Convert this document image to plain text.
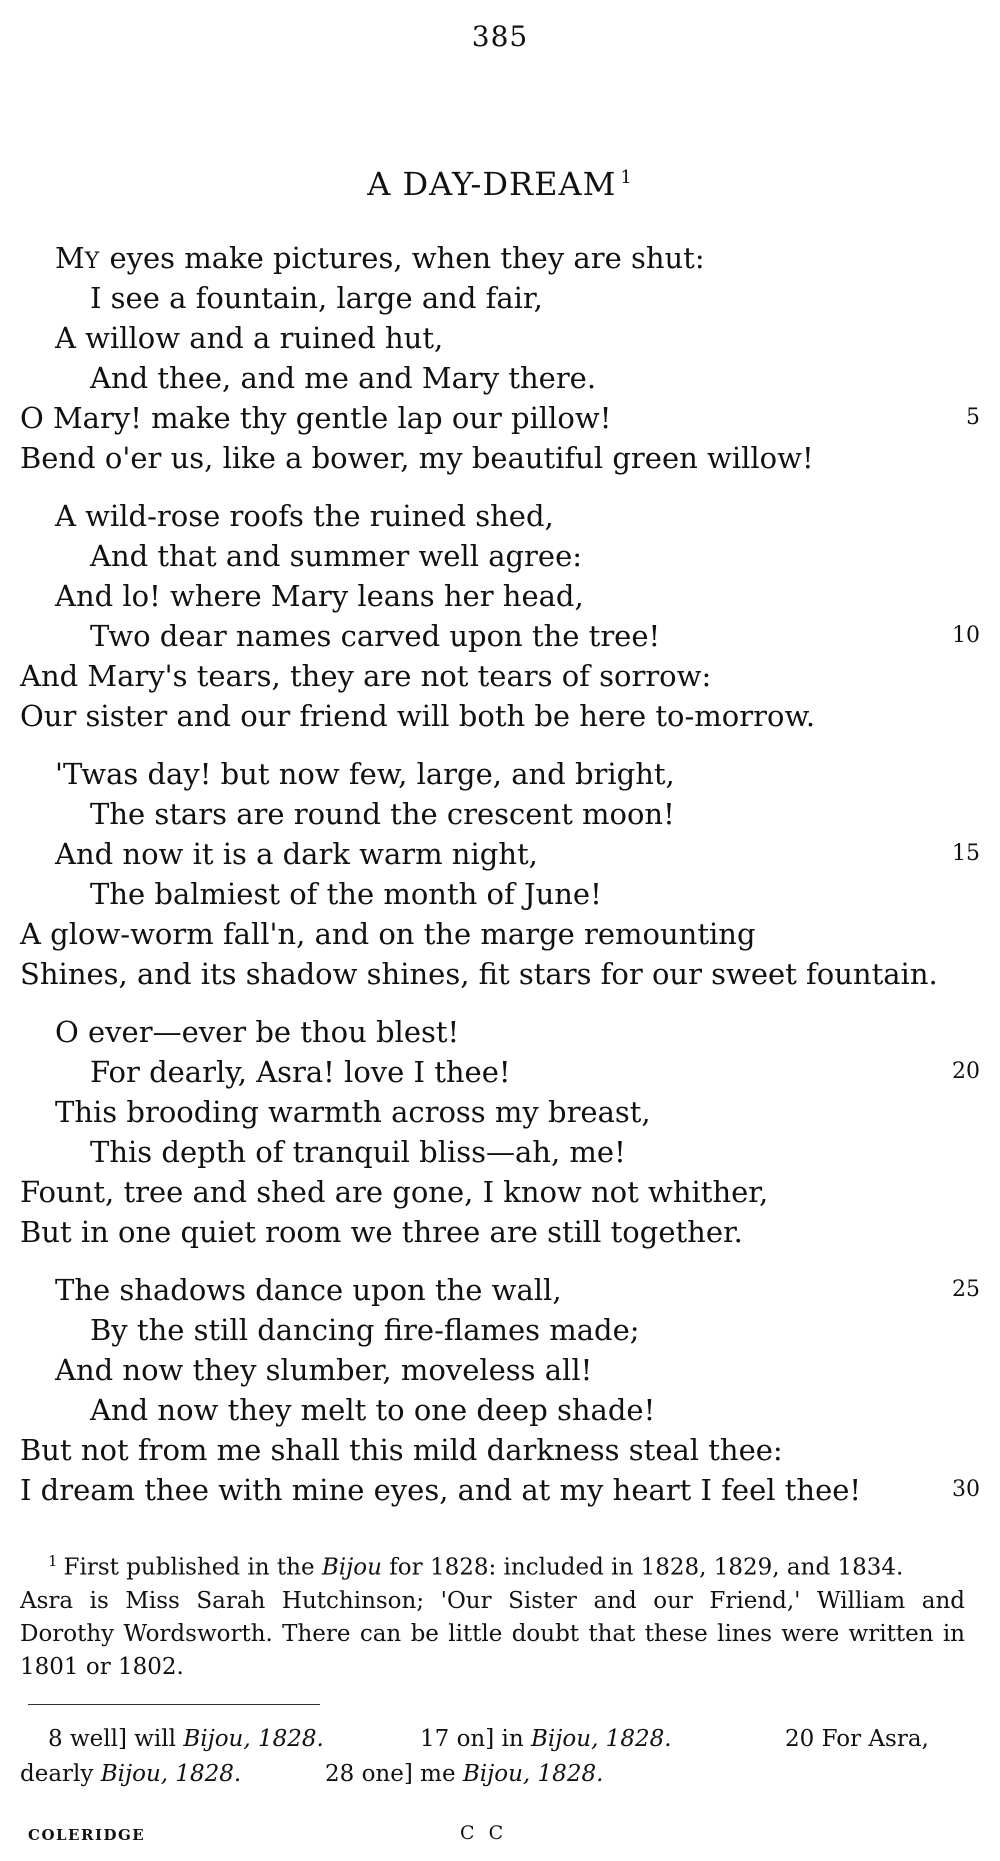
385
A DAY-DREAM $^1$
MY eyes make pictures, when they are shut:
I see a fountain, large and fair,
A willow and a ruined hut,
And thee, and me and Mary there.
O Mary! make thy gentle lap our pillow!	5
Bend o'er us, like a bower, my beautiful green willow!
A wild-rose roofs the ruined shed,
And that and summer well agree:
And lo! where Mary leans her head,
Two dear names carved upon the tree!	10
And Mary's tears, they are not tears of sorrow:
Our sister and our friend will both be here to-morrow.
'Twas day! but now few, large, and bright,
The stars are round the crescent moon!
And now it is a dark warm night,	15
The balmiest of the month of June!
A glow-worm fall'n, and on the marge remounting
Shines, and its shadow shines, fit stars for our sweet fountain.
O ever—ever be thou blest!
For dearly, Asra! love I thee!	20
This brooding warmth across my breast,
This depth of tranquil bliss—ah, me!
Fount, tree and shed are gone, I know not whither,
But in one quiet room we three are still together.
The shadows dance upon the wall,	25
By the still dancing fire-flames made;
And now they slumber, moveless all!
And now they melt to one deep shade!
But not from me shall this mild darkness steal thee:
I dream thee with mine eyes, and at my heart I feel thee!	30
$^1$ First published in the Bijou for 1828: included in 1828, 1829, and 1834.
Asra is Miss Sarah Hutchinson; 'Our Sister and our Friend,' William and Dorothy Wordsworth. There can be little doubt that these lines were written in 1801 or 1802.
8 well] will Bijou, 1828.	17 on] in Bijou, 1828.	20 For Asra,
dearly Bijou, 1828.	28 one] me Bijou, 1828.
COLERIDGE	C C
